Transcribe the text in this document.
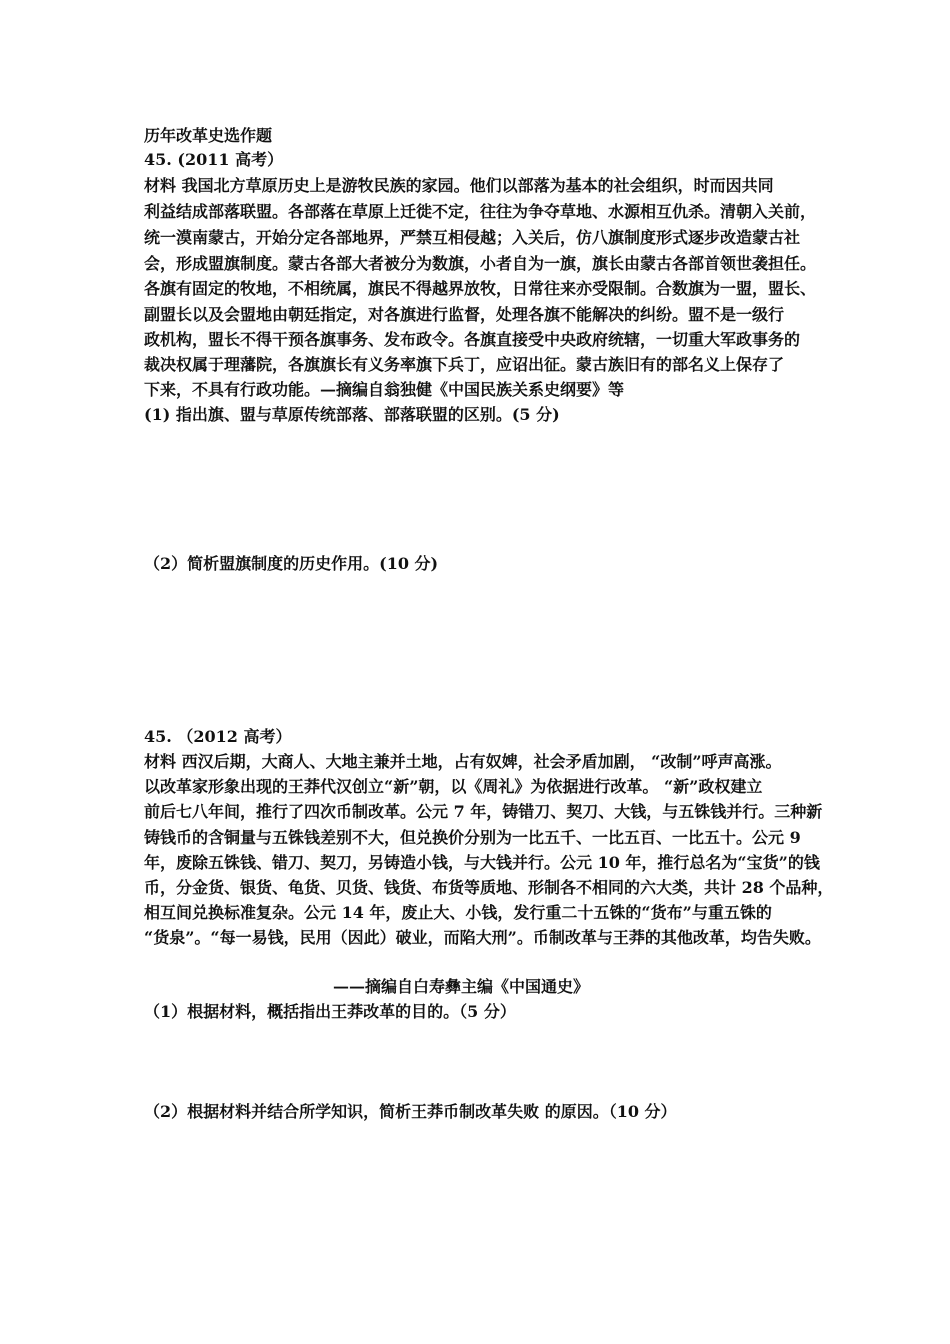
历年改革史选作题
45. (2011 高考）
材料 我国北方草原历史上是游牧民族的家园。他们以部落为基本的社会组织，时而因共同
利益结成部落联盟。各部落在草原上迁徙不定，往往为争夺草地、水源相互仇杀。清朝入关前，
统一漠南蒙古，开始分定各部地界，严禁互相侵越；入关后，仿八旗制度形式逐步改造蒙古社
会，形成盟旗制度。蒙古各部大者被分为数旗，小者自为一旗，旗长由蒙古各部首领世袭担任。
各旗有固定的牧地，不相统属，旗民不得越界放牧，日常往来亦受限制。合数旗为一盟，盟长、
副盟长以及会盟地由朝廷指定，对各旗进行监督，处理各旗不能解决的纠纷。盟不是一级行
政机构，盟长不得干预各旗事务、发布政令。各旗直接受中央政府统辖，一切重大军政事务的
裁决权属于理藩院，各旗旗长有义务率旗下兵丁，应诏出征。蒙古族旧有的部名义上保存了
下来，不具有行政功能。—摘编自翁独健《中国民族关系史纲要》等
(1) 指出旗、盟与草原传统部落、部落联盟的区别。(5 分)
（2）简析盟旗制度的历史作用。(10 分)
45. （2012 高考）
材料 西汉后期，大商人、大地主兼并土地，占有奴婢，社会矛盾加剧， “改制”呼声高涨。
以改革家形象出现的王莽代汉创立“新”朝，以《周礼》为依据进行改革。 “新”政权建立
前后七八年间，推行了四次币制改革。公元 7 年，铸错刀、契刀、大钱，与五铢钱并行。三种新
铸钱币的含铜量与五铢钱差别不大，但兑换价分别为一比五千、一比五百、一比五十。公元 9
年，废除五铢钱、错刀、契刀，另铸造小钱，与大钱并行。公元 10 年，推行总名为“宝货”的钱
币，分金货、银货、龟货、贝货、钱货、布货等质地、形制各不相同的六大类，共计 28 个品种，
相互间兑换标准复杂。公元 14 年，废止大、小钱，发行重二十五铢的“货布”与重五铢的
“货泉”。“每一易钱，民用（因此）破业，而陷大刑”。币制改革与王莽的其他改革，均告失败。
——摘编自白寿彝主编《中国通史》
（1）根据材料，概括指出王莽改革的目的。（5 分）
（2）根据材料并结合所学知识，简析王莽币制改革失败 的原因。（10 分）
